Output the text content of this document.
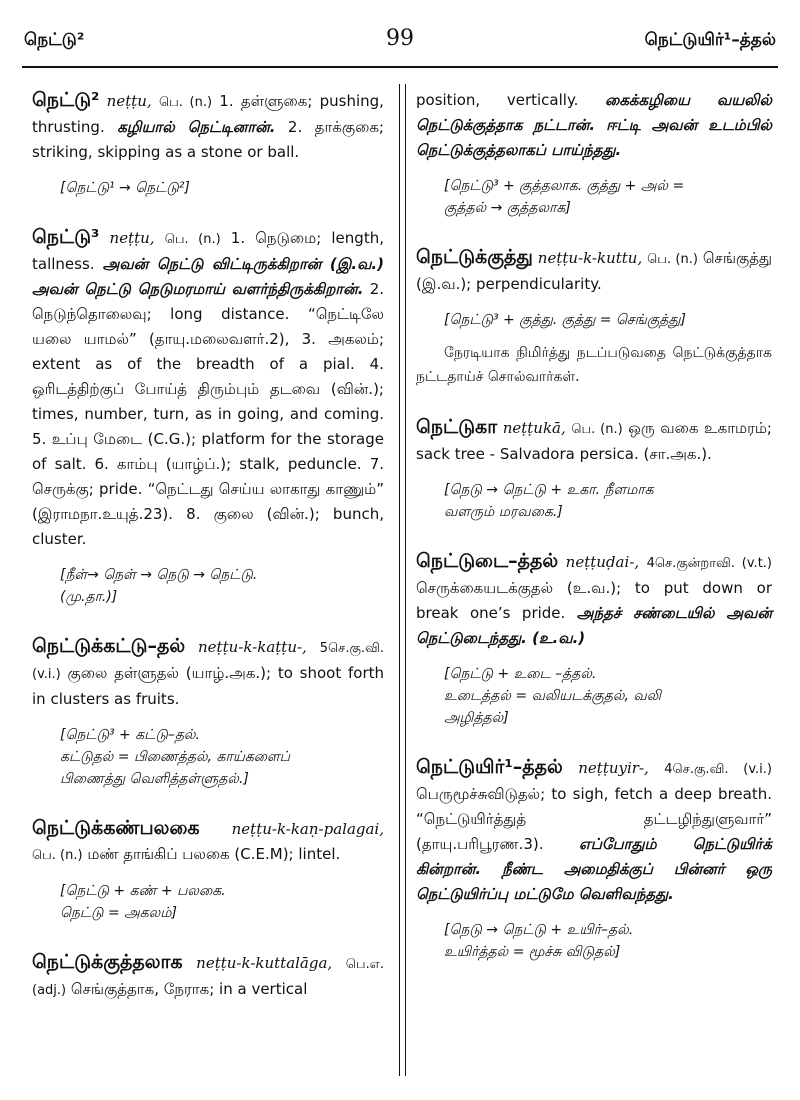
நெட்டு²	99	நெட்டுயிர்¹–த்தல்

நெட்டு² neṭṭu, பெ. (n.) 1. தள்ளுகை; pushing, thrusting. கழியால் நெட்டினான். 2. தாக்குகை; striking, skipping as a stone or ball.

[நெட்டு¹ → நெட்டு²]

நெட்டு³ neṭṭu, பெ. (n.) 1. நெடுமை; length, tallness. அவன் நெட்டு விட்டிருக்கிறான் (இ.வ.) அவன் நெட்டு நெடுமரமாய் வளர்ந்திருக்கிறான். 2. நெடுந்தொலைவு; long distance. “நெட்டிலே யலை யாமல்” (தாயு.மலைவளர்.2), 3. அகலம்; extent as of the breadth of a pial. 4. ஒரிடத்திற்குப் போய்த் திரும்பும் தடவை (வின்.); times, number, turn, as in going, and coming. 5. உப்பு மேடை (C.G.); platform for the storage of salt. 6. காம்பு (யாழ்ப்.); stalk, peduncle. 7. செருக்கு; pride. “நெட்டது செய்ய லாகாது காணும்” (இராமநா.உயுத்.23). 8. குலை (வின்.); bunch, cluster.

[நீள்→ நெள் → நெடு → நெட்டு.
(மு.தா.)]

நெட்டுக்கட்டு–தல் neṭṭu-k-kaṭṭu-, 5செ.கு.வி. (v.i.) குலை தள்ளுதல் (யாழ்.அக.); to shoot forth in clusters as fruits.

[நெட்டு³ + கட்டு–தல்.
கட்டுதல் = பிணைத்தல், காய்களைப்
பிணைத்து வெளித்தள்ளுதல்.]

நெட்டுக்கண்பலகை neṭṭu-k-kaṇ-palagai, பெ. (n.) மண் தாங்கிப் பலகை (C.E.M); lintel.

[நெட்டு + கண் + பலகை.
நெட்டு = அகலம்]

நெட்டுக்குத்தலாக neṭṭu-k-kuttalāga, பெ.எ.(adj.) செங்குத்தாக, நேராக; in a vertical

position, vertically. கைக்கழியை வயலில் நெட்டுக்குத்தாக நட்டான். ஈட்டி அவன் உடம்பில் நெட்டுக்குத்தலாகப் பாய்ந்தது.

[நெட்டு³ + குத்தலாக. குத்து + அல் =
குத்தல் → குத்தலாக]

நெட்டுக்குத்து neṭṭu-k-kuttu, பெ. (n.) செங்குத்து (இ.வ.); perpendicularity.

[நெட்டு³ + குத்து. குத்து = செங்குத்து]
நேரடியாக நிமிர்த்து நடப்படுவதை நெட்டுக்குத்தாக நட்டதாய்ச் சொல்வார்கள்.

நெட்டுகா neṭṭukā, பெ. (n.) ஒரு வகை உகாமரம்; sack tree - Salvadora persica. (சா.அக.).

[நெடு → நெட்டு + உகா. நீளமாக
வளரும் மரவகை.]

நெட்டுடை–த்தல் neṭṭuḍai-, 4செ.குன்றாவி. (v.t.) செருக்கையடக்குதல் (உ.வ.); to put down or break one’s pride. அந்தச் சண்டையில் அவன் நெட்டுடைந்தது. (உ.வ.)

[நெட்டு + உடை –த்தல்.
உடைத்தல் = வலியடக்குதல், வலி
அழித்தல்]

நெட்டுயிர்¹–த்தல் neṭṭuyir-, 4செ.கு.வி. (v.i.) பெருமூச்சுவிடுதல்; to sigh, fetch a deep breath. “நெட்டுயிர்த்துத் தட்டழிந்துளுவார்” (தாயு.பரிபூரண.3). எப்போதும் நெட்டுயிர்க் கின்றான். நீண்ட அமைதிக்குப் பின்னர் ஒரு நெட்டுயிர்ப்பு மட்டுமே வெளிவந்தது.

[நெடு → நெட்டு + உயிர்–தல்.
உயிர்த்தல் = மூச்சு விடுதல்]
